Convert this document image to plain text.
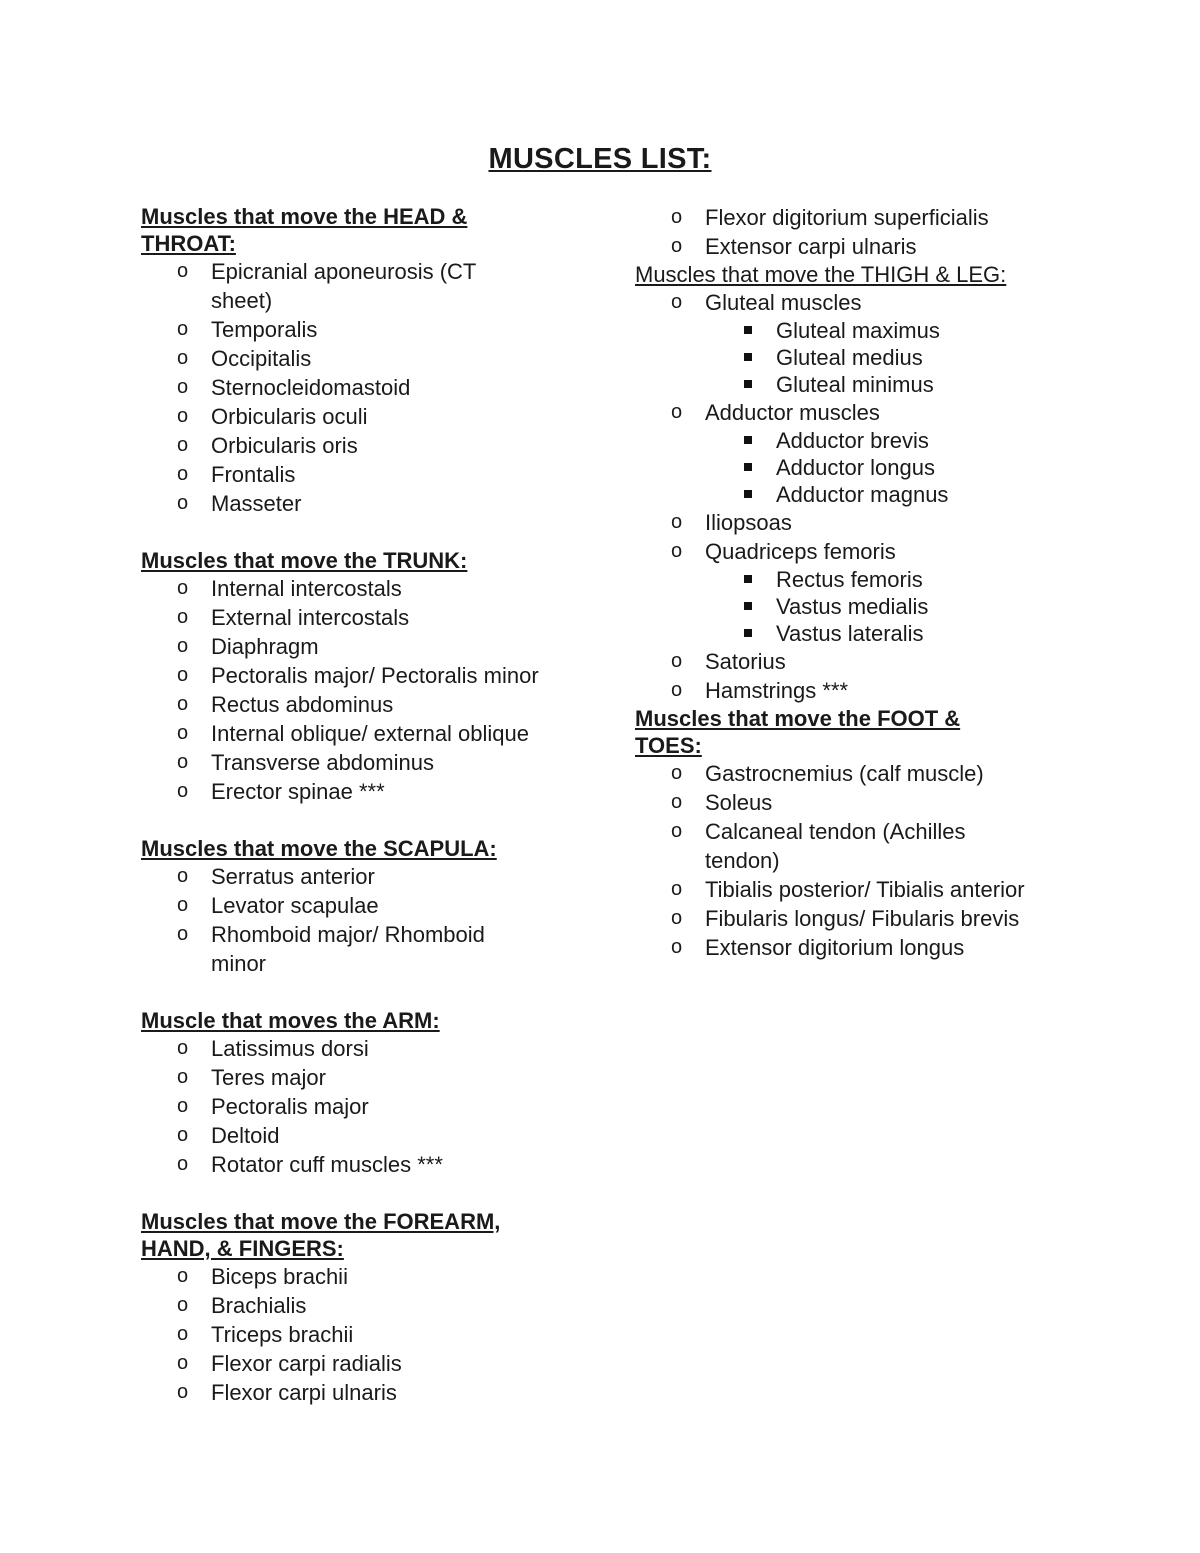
MUSCLES LIST:

Muscles that move the HEAD & THROAT:

o Epicranial aponeurosis (CT sheet)
o Temporalis
o Occipitalis
o Sternocleidomastoid
o Orbicularis oculi
o Orbicularis oris
o Frontalis
o Masseter

Muscles that move the TRUNK:

o Internal intercostals
o External intercostals
o Diaphragm
o Pectoralis major/ Pectoralis minor
o Rectus abdominus
o Internal oblique/ external oblique
o Transverse abdominus
o Erector spinae ***

Muscles that move the SCAPULA:

o Serratus anterior
o Levator scapulae
o Rhomboid major/ Rhomboid minor

Muscle that moves the ARM:

o Latissimus dorsi
o Teres major
o Pectoralis major
o Deltoid
o Rotator cuff muscles ***

Muscles that move the FOREARM, HAND, & FINGERS:

o Biceps brachii
o Brachialis
o Triceps brachii
o Flexor carpi radialis
o Flexor carpi ulnaris
o Flexor digitorium superficialis
o Extensor carpi ulnaris

Muscles that move the THIGH & LEG:

o Gluteal muscles
Gluteal maximus
Gluteal medius
Gluteal minimus
o Adductor muscles
Adductor brevis
Adductor longus
Adductor magnus
o Iliopsoas
o Quadriceps femoris
Rectus femoris
Vastus medialis
Vastus lateralis
o Satorius
o Hamstrings ***

Muscles that move the FOOT & TOES:

o Gastrocnemius (calf muscle)
o Soleus
o Calcaneal tendon (Achilles tendon)
o Tibialis posterior/ Tibialis anterior
o Fibularis longus/ Fibularis brevis
o Extensor digitorium longus
